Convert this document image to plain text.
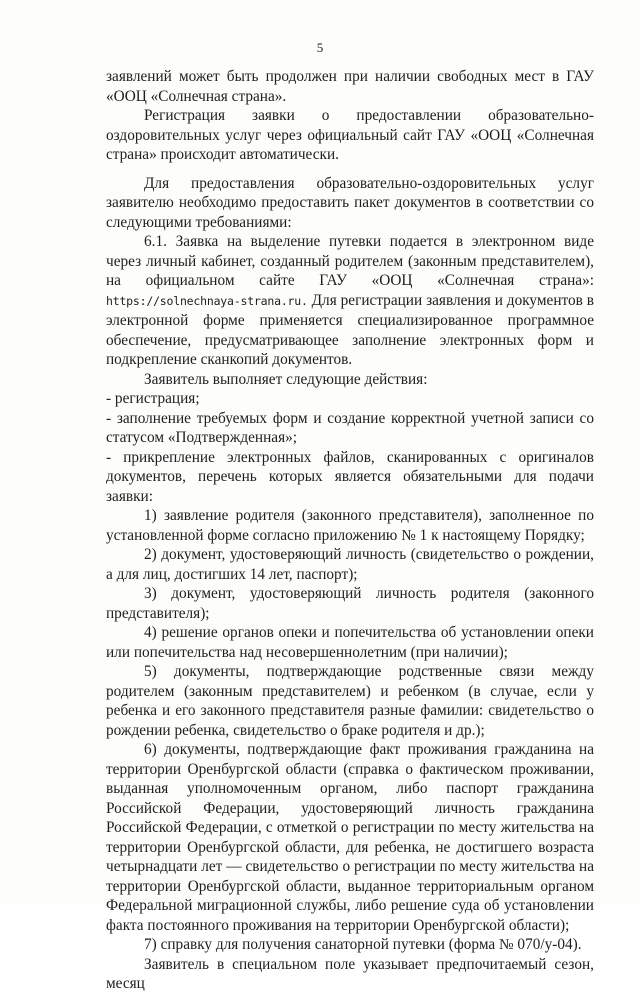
5

заявлений может быть продолжен при наличии свободных мест в ГАУ «ООЦ «Солнечная страна».

Регистрация заявки о предоставлении образовательно-оздоровительных услуг через официальный сайт ГАУ «ООЦ «Солнечная страна» происходит автоматически.

Для предоставления образовательно-оздоровительных услуг заявителю необходимо предоставить пакет документов в соответствии со следующими требованиями:

6.1. Заявка на выделение путевки подается в электронном виде через личный кабинет, созданный родителем (законным представителем), на официальном сайте ГАУ «ООЦ «Солнечная страна»: https://solnechnaya-strana.ru. Для регистрации заявления и документов в электронной форме применяется специализированное программное обеспечение, предусматривающее заполнение электронных форм и подкрепление сканкопий документов.

Заявитель выполняет следующие действия:

- регистрация;

- заполнение требуемых форм и создание корректной учетной записи со статусом «Подтвержденная»;

- прикрепление электронных файлов, сканированных с оригиналов документов, перечень которых является обязательными для подачи заявки:

1) заявление родителя (законного представителя), заполненное по установленной форме согласно приложению № 1 к настоящему Порядку;

2) документ, удостоверяющий личность (свидетельство о рождении, а для лиц, достигших 14 лет, паспорт);

3) документ, удостоверяющий личность родителя (законного представителя);

4) решение органов опеки и попечительства об установлении опеки или попечительства над несовершеннолетним (при наличии);

5) документы, подтверждающие родственные связи между родителем (законным представителем) и ребенком (в случае, если у ребенка и его законного представителя разные фамилии: свидетельство о рождении ребенка, свидетельство о браке родителя и др.);

6) документы, подтверждающие факт проживания гражданина на территории Оренбургской области (справка о фактическом проживании, выданная уполномоченным органом, либо паспорт гражданина Российской Федерации, удостоверяющий личность гражданина Российской Федерации, с отметкой о регистрации по месту жительства на территории Оренбургской области, для ребенка, не достигшего возраста четырнадцати лет — свидетельство о регистрации по месту жительства на территории Оренбургской области, выданное территориальным органом Федеральной миграционной службы, либо решение суда об установлении факта постоянного проживания на территории Оренбургской области);

7) справку для получения санаторной путевки (форма № 070/у-04).

Заявитель в специальном поле указывает предпочитаемый сезон, месяц
